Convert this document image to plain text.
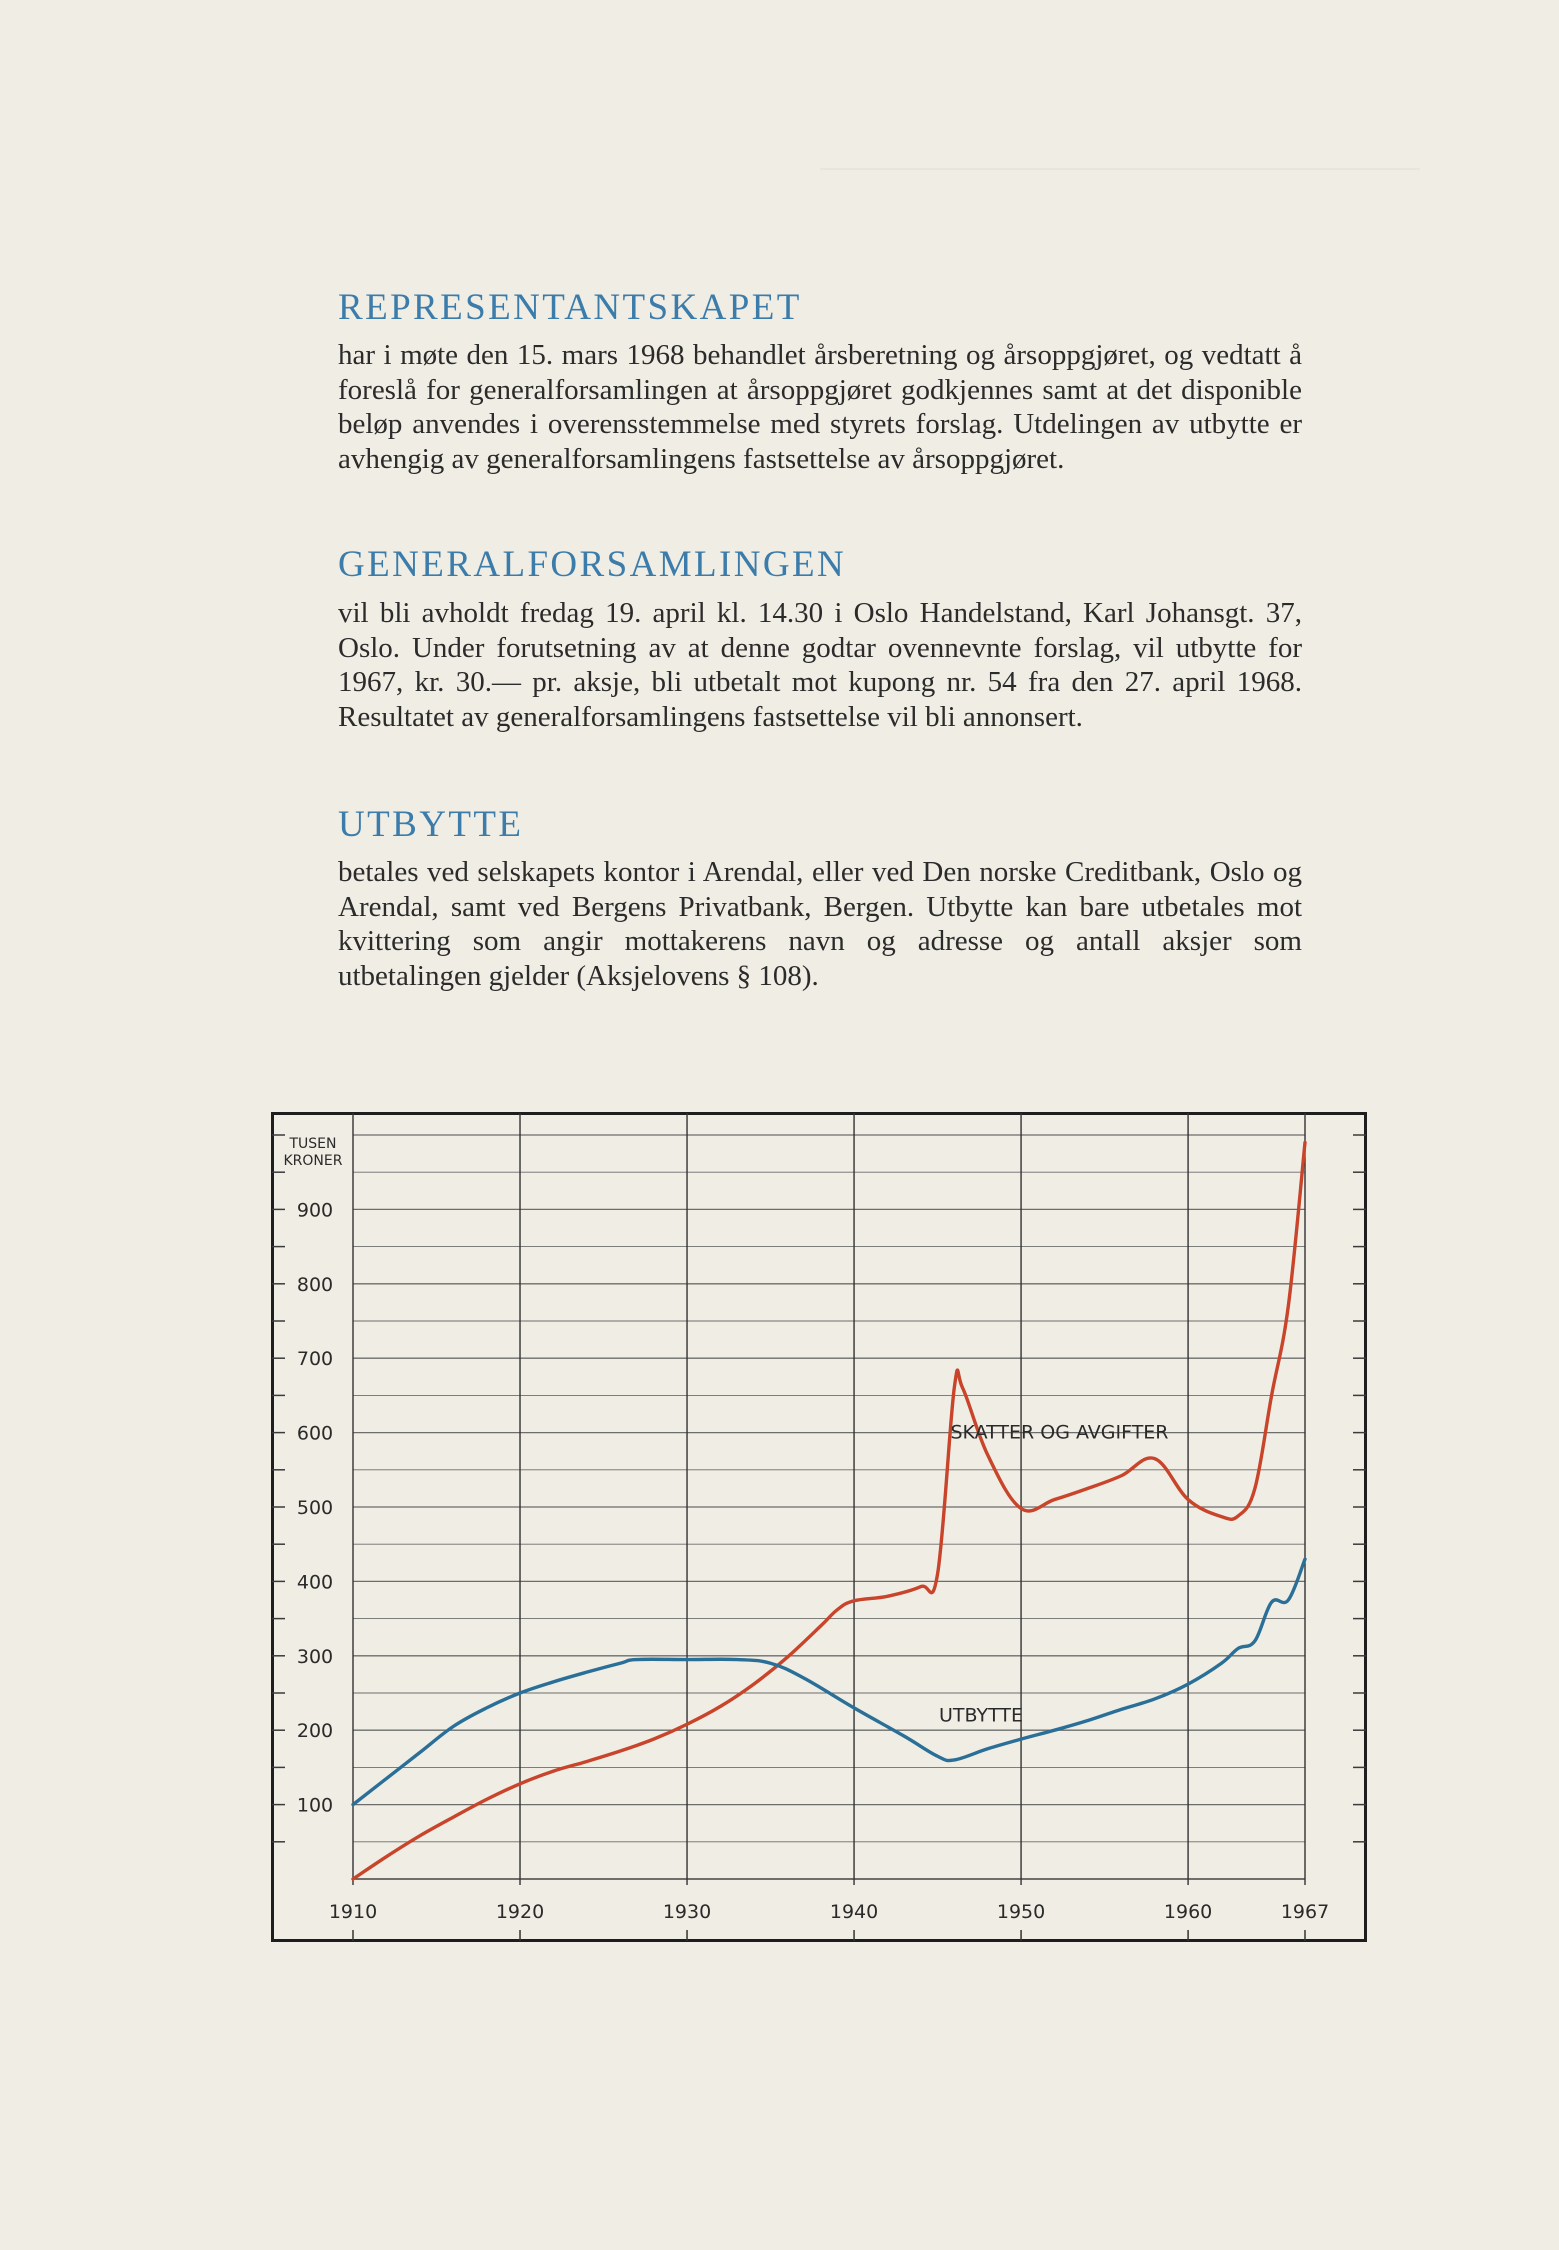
REPRESENTANTSKAPET

har i møte den 15. mars 1968 behandlet årsberetning og årsoppgjøret, og vedtatt å foreslå for generalforsamlingen at årsoppgjøret godkjennes samt at det disponible beløp anvendes i overensstemmelse med styrets forslag. Utdelingen av utbytte er avhengig av generalforsamlingens fastsettelse av årsoppgjøret.

GENERALFORSAMLINGEN

vil bli avholdt fredag 19. april kl. 14.30 i Oslo Handelstand, Karl Johansgt. 37, Oslo. Under forutsetning av at denne godtar ovennevnte forslag, vil utbytte for 1967, kr. 30.— pr. aksje, bli utbetalt mot kupong nr. 54 fra den 27. april 1968. Resultatet av generalforsamlingens fastsettelse vil bli annonsert.

UTBYTTE

betales ved selskapets kontor i Arendal, eller ved Den norske Creditbank, Oslo og Arendal, samt ved Bergens Privatbank, Bergen. Utbytte kan bare utbetales mot kvittering som angir mottakerens navn og adresse og antall aksjer som utbetalingen gjelder (Aksjelovens § 108).

1910	1920	1930	1940	1950	1960	1967
100
200
300
400
500
600
700
800
900
TUSEN
KRONER
SKATTER OG AVGIFTER
UTBYTTE
